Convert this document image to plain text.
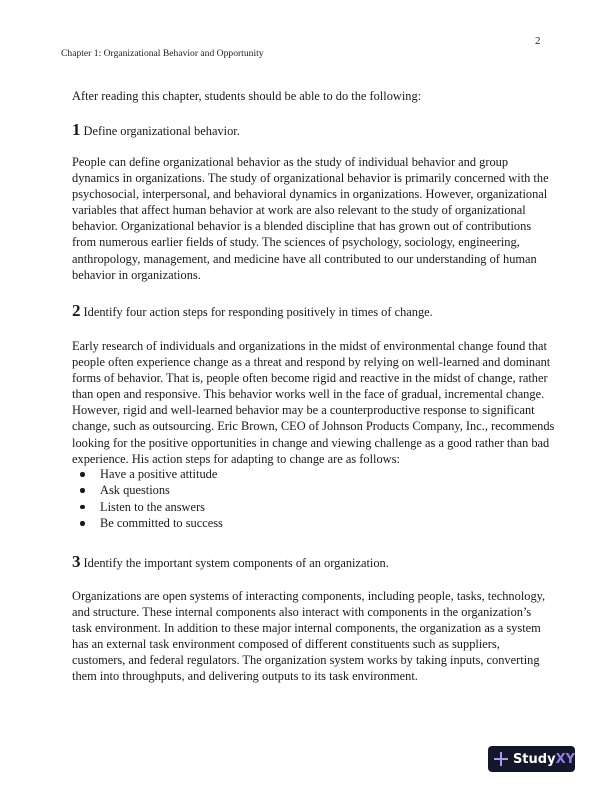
2
Chapter 1: Organizational Behavior and Opportunity
After reading this chapter, students should be able to do the following:
1 Define organizational behavior.
People can define organizational behavior as the study of individual behavior and group
dynamics in organizations. The study of organizational behavior is primarily concerned with the
psychosocial, interpersonal, and behavioral dynamics in organizations. However, organizational
variables that affect human behavior at work are also relevant to the study of organizational
behavior. Organizational behavior is a blended discipline that has grown out of contributions
from numerous earlier fields of study. The sciences of psychology, sociology, engineering,
anthropology, management, and medicine have all contributed to our understanding of human
behavior in organizations.
2 Identify four action steps for responding positively in times of change.
Early research of individuals and organizations in the midst of environmental change found that
people often experience change as a threat and respond by relying on well-learned and dominant
forms of behavior. That is, people often become rigid and reactive in the midst of change, rather
than open and responsive. This behavior works well in the face of gradual, incremental change.
However, rigid and well-learned behavior may be a counterproductive response to significant
change, such as outsourcing. Eric Brown, CEO of Johnson Products Company, Inc., recommends
looking for the positive opportunities in change and viewing challenge as a good rather than bad
experience. His action steps for adapting to change are as follows:
Have a positive attitude
Ask questions
Listen to the answers
Be committed to success
3 Identify the important system components of an organization.
Organizations are open systems of interacting components, including people, tasks, technology,
and structure. These internal components also interact with components in the organization’s
task environment. In addition to these major internal components, the organization as a system
has an external task environment composed of different constituents such as suppliers,
customers, and federal regulators. The organization system works by taking inputs, converting
them into throughputs, and delivering outputs to its task environment.
Study XY
